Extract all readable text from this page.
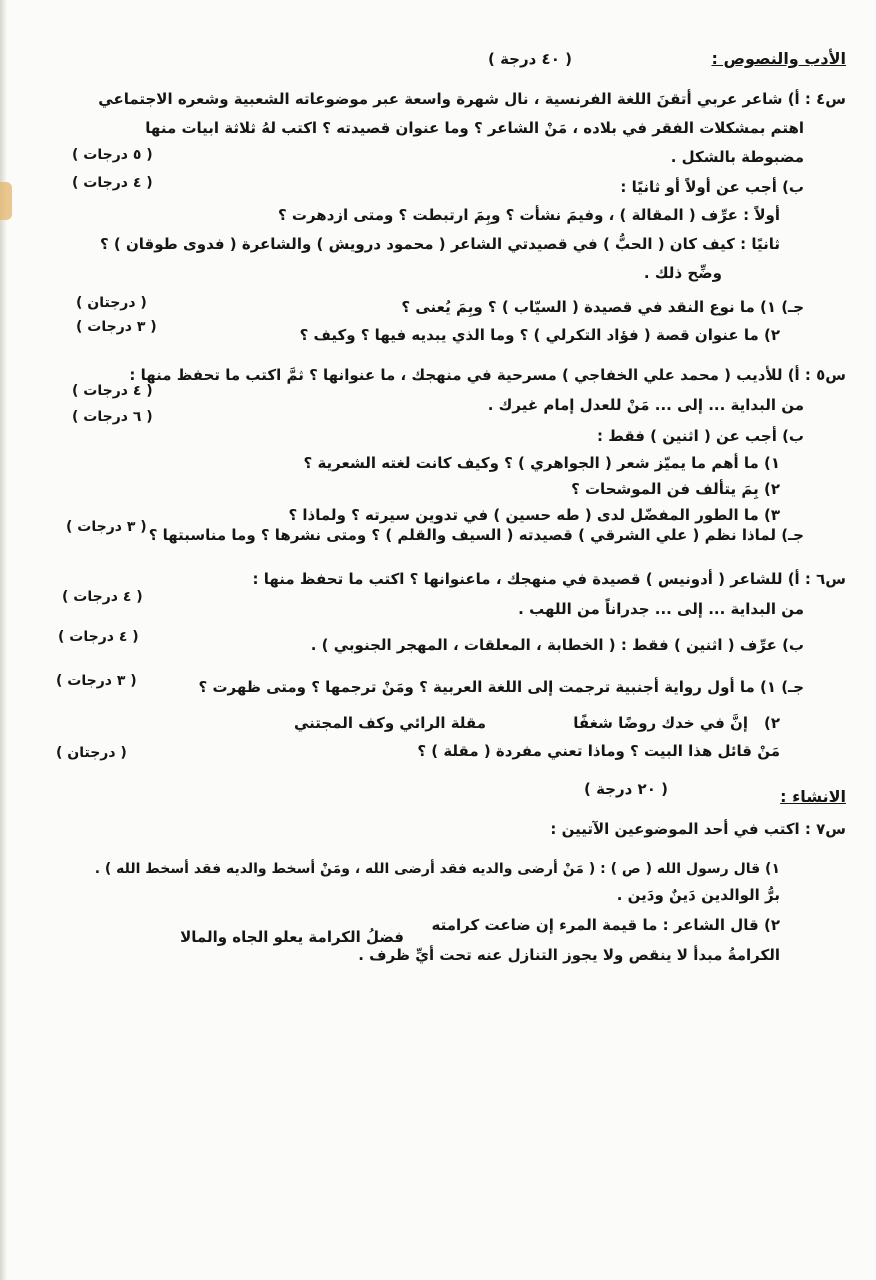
الأدب والنصوص :
( ٤٠ درجة )
س٤ : أ) شاعر عربي أتقنَ اللغة الفرنسية ، نال شهرة واسعة عبر موضوعاته الشعبية وشعره الاجتماعي
اهتم بمشكلات الفقر في بلاده ، مَنْ الشاعر ؟ وما عنوان قصيدته ؟ اكتب لهُ ثلاثة ابيات منها
مضبوطة بالشكل .
( ٥ درجات )
ب) أجب عن أولاً أو ثانيًا :
( ٤ درجات )
أولاً : عرِّف ( المقالة ) ، وفيمَ نشأت ؟ وبِمَ ارتبطت ؟ ومتى ازدهرت ؟
ثانيًا : كيف كان ( الحبُّ ) في قصيدتي الشاعر ( محمود درويش ) والشاعرة ( فدوى طوقان ) ؟
وضِّح ذلك .
جـ) ١) ما نوع النقد في قصيدة ( السيّاب ) ؟ وبِمَ يُعنى ؟
( درجتان )
٢) ما عنوان قصة ( فؤاد التكرلي ) ؟ وما الذي يبديه فيها ؟ وكيف ؟
( ٣ درجات )
س٥ : أ) للأديب ( محمد علي الخفاجي ) مسرحية في منهجك ، ما عنوانها ؟ ثمَّ اكتب ما تحفظ منها :
( ٤ درجات )
من البداية ... إلى ... مَنْ للعدل إمام غيرك .
( ٦ درجات )
ب) أجب عن ( اثنين ) فقط :
١) ما أهم ما يميّز شعر ( الجواهري ) ؟ وكيف كانت لغته الشعرية ؟
٢) بِمَ يتألف فن الموشحات ؟
٣) ما الطور المفضّل لدى ( طه حسين ) في تدوين سيرته ؟ ولماذا ؟
جـ) لماذا نظم ( علي الشرقي ) قصيدته ( السيف والقلم ) ؟ ومتى نشرها ؟ وما مناسبتها ؟
( ٣ درجات )
س٦ : أ) للشاعر ( أدونيس ) قصيدة في منهجك ، ماعنوانها ؟ اكتب ما تحفظ منها :
( ٤ درجات )
من البداية ... إلى ... جدراناً من اللهب .
ب) عرِّف ( اثنين ) فقط : ( الخطابة ، المعلقات ، المهجر الجنوبي ) .
( ٤ درجات )
جـ) ١) ما أول رواية أجنبية ترجمت إلى اللغة العربية ؟ ومَنْ ترجمها ؟ ومتى ظهرت ؟
( ٣ درجات )
٢)
إنَّ في خدك روضًا شغفًا
مقلة الرائي وكف المجتني
مَنْ قائل هذا البيت ؟ وماذا تعني مفردة ( مقلة ) ؟
( درجتان )
الانشاء :
( ٢٠ درجة )
س٧ : اكتب في أحد الموضوعين الآتيين :
١) قال رسول الله ( ص ) : ( مَنْ أرضى والديه فقد أرضى الله ، ومَنْ أسخط والديه فقد أسخط الله ) .
برُّ الوالدين دَينٌ ودَين .
٢) قال الشاعر : ما قيمة المرء إن ضاعت كرامته
فضلُ الكرامة يعلو الجاه والمالا
الكرامةُ مبدأ لا ينقص ولا يجوز التنازل عنه تحت أيِّ ظرف .
